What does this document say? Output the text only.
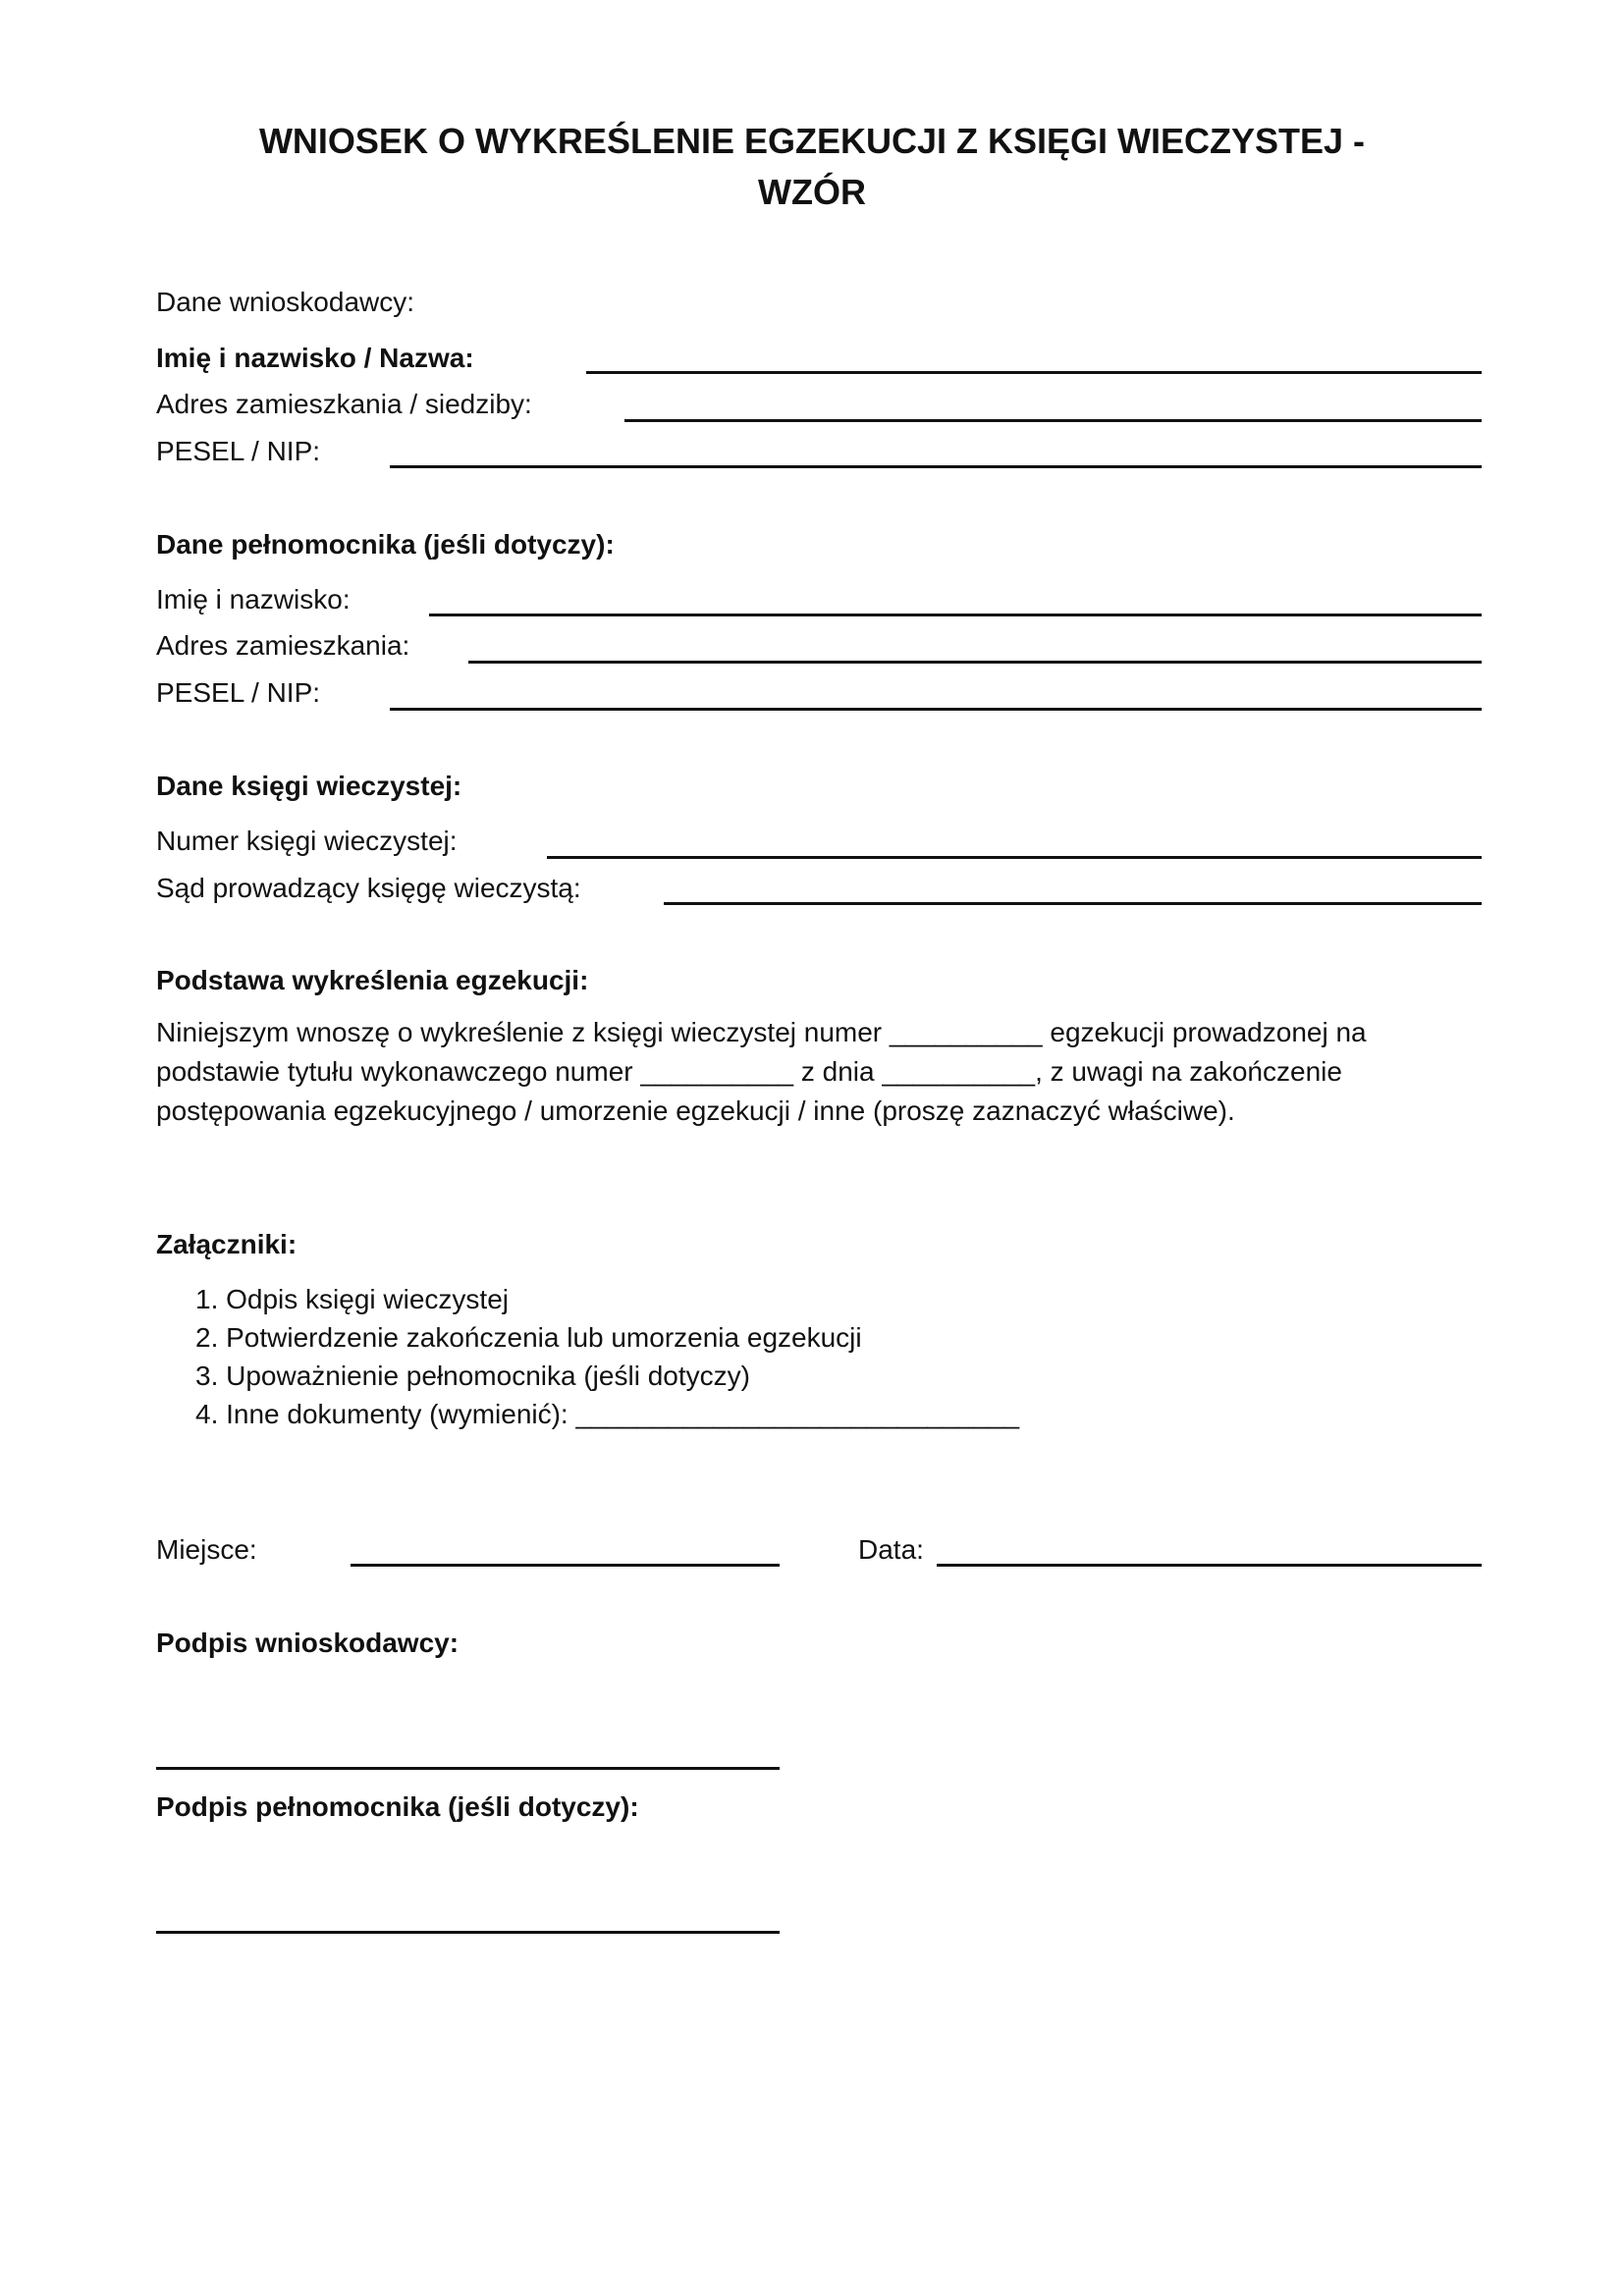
WNIOSEK O WYKREŚLENIE EGZEKUCJI Z KSIĘGI WIECZYSTEJ -
WZÓR
Dane wnioskodawcy:
Imię i nazwisko / Nazwa:
Adres zamieszkania / siedziby:
PESEL / NIP:
Dane pełnomocnika (jeśli dotyczy):
Imię i nazwisko:
Adres zamieszkania:
PESEL / NIP:
Dane księgi wieczystej:
Numer księgi wieczystej:
Sąd prowadzący księgę wieczystą:
Podstawa wykreślenia egzekucji:
Niniejszym wnoszę o wykreślenie z księgi wieczystej numer __________ egzekucji prowadzonej na
podstawie tytułu wykonawczego numer __________ z dnia __________, z uwagi na zakończenie
postępowania egzekucyjnego / umorzenie egzekucji / inne (proszę zaznaczyć właściwe).
Załączniki:
1. Odpis księgi wieczystej
2. Potwierdzenie zakończenia lub umorzenia egzekucji
3. Upoważnienie pełnomocnika (jeśli dotyczy)
4. Inne dokumenty (wymienić): _____________________________
Miejsce:	Data:
Podpis wnioskodawcy:
Podpis pełnomocnika (jeśli dotyczy):
